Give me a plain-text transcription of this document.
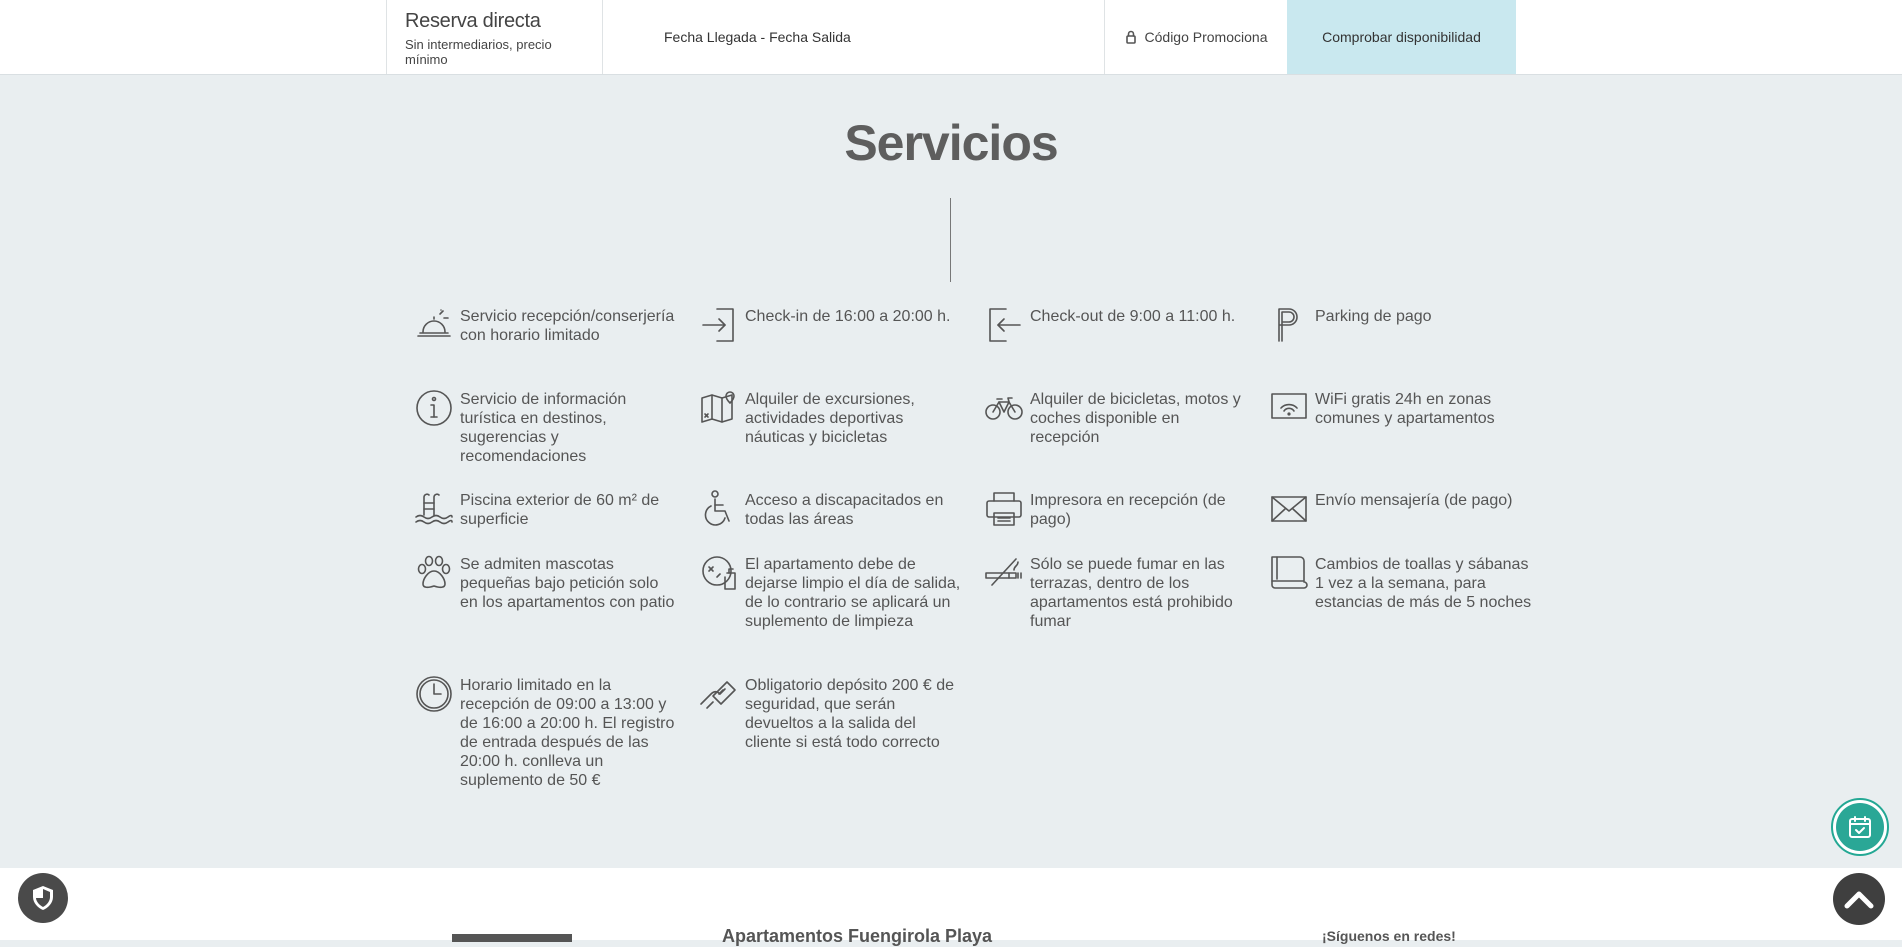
Reserva directa
Sin intermediarios, precio mínimo
Fecha Llegada - Fecha Salida	Código Promociona	Comprobar disponibilidad
Servicios
Servicio recepción/conserjería con horario limitado
Check-in de 16:00 a 20:00 h.	Check-out de 9:00 a 11:00 h.	Parking de pago
Servicio de información turística en destinos, sugerencias y recomendaciones
Alquiler de excursiones, actividades deportivas náuticas y bicicletas
Alquiler de bicicletas, motos y coches disponible en recepción
WiFi gratis 24h en zonas comunes y apartamentos
Piscina exterior de 60 m² de superficie
Acceso a discapacitados en todas las áreas
Impresora en recepción (de pago)
Envío mensajería (de pago)
Se admiten mascotas pequeñas bajo petición solo en los apartamentos con patio
El apartamento debe de dejarse limpio el día de salida, de lo contrario se aplicará un suplemento de limpieza
Sólo se puede fumar en las terrazas, dentro de los apartamentos está prohibido fumar
Cambios de toallas y sábanas 1 vez a la semana, para estancias de más de 5 noches
Horario limitado en la recepción de 09:00 a 13:00 y de 16:00 a 20:00 h. El registro de entrada después de las 20:00 h. conlleva un suplemento de 50 €
Obligatorio depósito 200 € de seguridad, que serán devueltos a la salida del cliente si está todo correcto
Apartamentos Fuengirola Playa	¡Síguenos en redes!
